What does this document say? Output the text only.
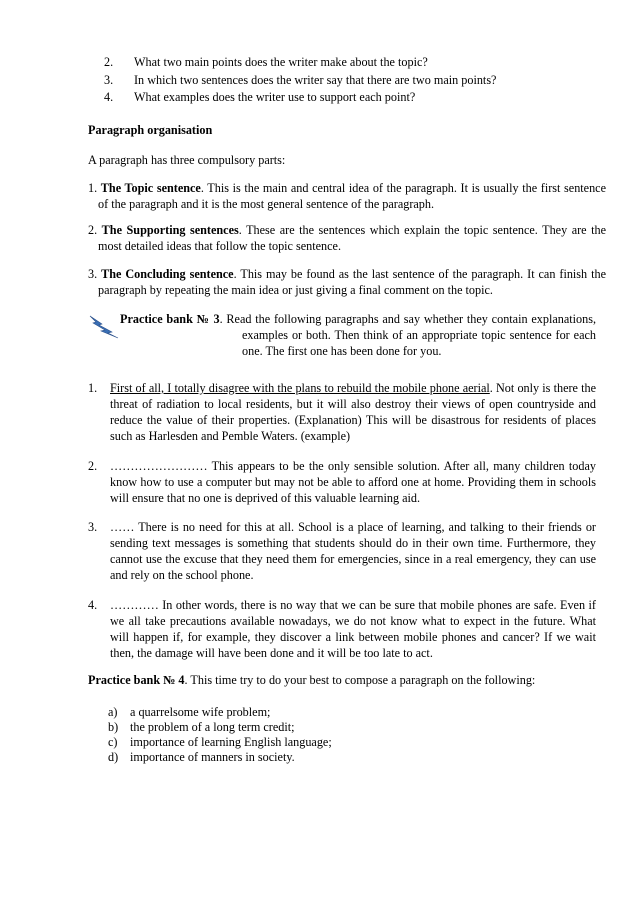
2. What two main points does the writer make about the topic?
3. In which two sentences does the writer say that there are two main points?
4. What examples does the writer use to support each point?
Paragraph organisation
A paragraph has three compulsory parts:
1. The Topic sentence. This is the main and central idea of the paragraph. It is usually the first sentence of the paragraph and it is the most general sentence of the paragraph.
2. The Supporting sentences. These are the sentences which explain the topic sentence. They are the most detailed ideas that follow the topic sentence.
3. The Concluding sentence. This may be found as the last sentence of the paragraph. It can finish the paragraph by repeating the main idea or just giving a final comment on the topic.
Practice bank № 3. Read the following paragraphs and say whether they contain explanations, examples or both. Then think of an appropriate topic sentence for each one. The first one has been done for you.
1. First of all, I totally disagree with the plans to rebuild the mobile phone aerial. Not only is there the threat of radiation to local residents, but it will also destroy their views of open countryside and reduce the value of their properties. (Explanation) This will be disastrous for residents of places such as Harlesden and Pemble Waters. (example)
2. …………………… This appears to be the only sensible solution. After all, many children today know how to use a computer but may not be able to afford one at home. Providing them in schools will ensure that no one is deprived of this valuable learning aid.
3. …… There is no need for this at all. School is a place of learning, and talking to their friends or sending text messages is something that students should do in their own time. Furthermore, they cannot use the excuse that they need them for emergencies, since in a real emergency, they can use and rely on the school phone.
4. ………… In other words, there is no way that we can be sure that mobile phones are safe. Even if we all take precautions available nowadays, we do not know what to expect in the future. What will happen if, for example, they discover a link between mobile phones and cancer? If we wait then, the damage will have been done and it will be too late to act.
Practice bank № 4. This time try to do your best to compose a paragraph on the following:
a) a quarrelsome wife problem;
b) the problem of a long term credit;
c) importance of learning English language;
d) importance of manners in society.
